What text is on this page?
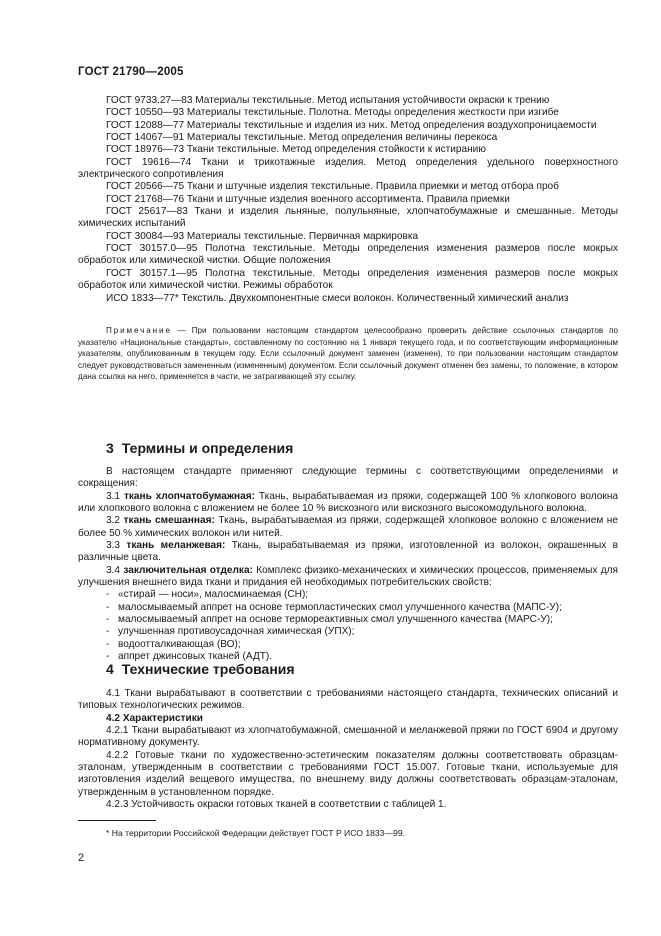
ГОСТ 21790—2005
ГОСТ 9733.27—83 Материалы текстильные. Метод испытания устойчивости окраски к трению
ГОСТ 10550—93 Материалы текстильные. Полотна. Методы определения жесткости при изгибе
ГОСТ 12088—77 Материалы текстильные и изделия из них. Метод определения воздухопроницаемости
ГОСТ 14067—91 Материалы текстильные. Метод определения величины перекоса
ГОСТ 18976—73 Ткани текстильные. Метод определения стойкости к истиранию
ГОСТ 19616—74 Ткани и трикотажные изделия. Метод определения удельного поверхностного электрического сопротивления
ГОСТ 20566—75 Ткани и штучные изделия текстильные. Правила приемки и метод отбора проб
ГОСТ 21768—76 Ткани и штучные изделия военного ассортимента. Правила приемки
ГОСТ 25617—83 Ткани и изделия льняные, полульняные, хлопчатобумажные и смешанные. Методы химических испытаний
ГОСТ 30084—93 Материалы текстильные. Первичная маркировка
ГОСТ 30157.0—95 Полотна текстильные. Методы определения изменения размеров после мокрых обработок или химической чистки. Общие положения
ГОСТ 30157.1—95 Полотна текстильные. Методы определения изменения размеров после мокрых обработок или химической чистки. Режимы обработок
ИСО 1833—77* Текстиль. Двухкомпонентные смеси волокон. Количественный химический анализ
Примечание — При пользовании настоящим стандартом целесообразно проверить действие ссылочных стандартов по указателю «Национальные стандарты», составленному по состоянию на 1 января текущего года, и по соответствующим информационным указателям, опубликованным в текущем году. Если ссылочный документ заменен (изменен), то при пользовании настоящим стандартом следует руководствоваться замененным (измененным) документом. Если ссылочный документ отменен без замены, то положение, в котором дана ссылка на него, применяется в части, не затрагивающей эту ссылку.
3 Термины и определения
В настоящем стандарте применяют следующие термины с соответствующими определениями и сокращения:
3.1 ткань хлопчатобумажная: Ткань, вырабатываемая из пряжи, содержащей 100 % хлопкового волокна или хлопкового волокна с вложением не более 10 % вискозного или вискозного высокомодульного волокна.
3.2 ткань смешанная: Ткань, вырабатываемая из пряжи, содержащей хлопковое волокно с вложением не более 50 % химических волокон или нитей.
3.3 ткань меланжевая: Ткань, вырабатываемая из пряжи, изготовленной из волокон, окрашенных в различные цвета.
3.4 заключительная отделка: Комплекс физико-механических и химических процессов, применяемых для улучшения внешнего вида ткани и придания ей необходимых потребительских свойств:
- «стирай — носи», малосминаемая (СН);
- малосмываемый аппрет на основе термопластических смол улучшенного качества (МАПС-У);
- малосмываемый аппрет на основе термореактивных смол улучшенного качества (МАРС-У);
- улучшенная противоусадочная химическая (УПХ);
- водоотталкивающая (ВО);
- аппрет джинсовых тканей (АДТ).
4 Технические требования
4.1 Ткани вырабатывают в соответствии с требованиями настоящего стандарта, технических описаний и типовых технологических режимов.
4.2 Характеристики
4.2.1 Ткани вырабатывают из хлопчатобумажной, смешанной и меланжевой пряжи по ГОСТ 6904 и другому нормативному документу.
4.2.2 Готовые ткани по художественно-эстетическим показателям должны соответствовать образцам-эталонам, утвержденным в соответствии с требованиями ГОСТ 15.007. Готовые ткани, используемые для изготовления изделий вещевого имущества, по внешнему виду должны соответствовать образцам-эталонам, утвержденным в установленном порядке.
4.2.3 Устойчивость окраски готовых тканей в соответствии с таблицей 1.
* На территории Российской Федерации действует ГОСТ Р ИСО 1833—99.
2
